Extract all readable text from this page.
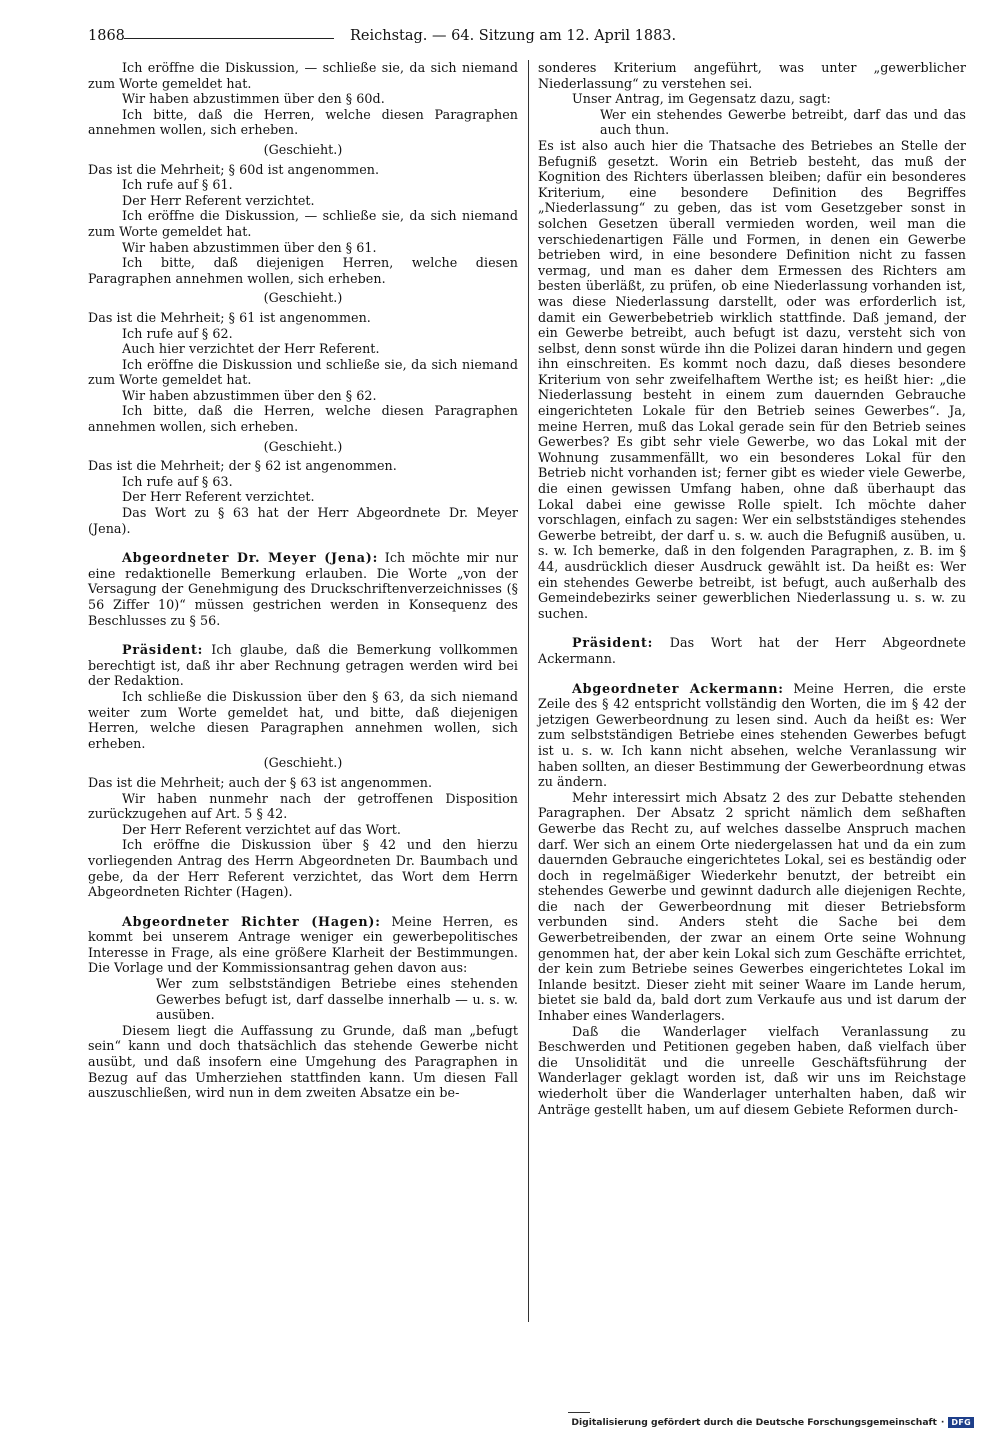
1868	Reichstag. — 64. Sitzung am 12. April 1883.

Ich eröffne die Diskussion, — schließe sie, da sich niemand zum Worte gemeldet hat.

Wir haben abzustimmen über den § 60d.

Ich bitte, daß die Herren, welche diesen Paragraphen annehmen wollen, sich erheben.

(Geschieht.)

Das ist die Mehrheit; § 60d ist angenommen.

Ich rufe auf § 61.

Der Herr Referent verzichtet.

Ich eröffne die Diskussion, — schließe sie, da sich niemand zum Worte gemeldet hat.

Wir haben abzustimmen über den § 61.

Ich bitte, daß diejenigen Herren, welche diesen Paragraphen annehmen wollen, sich erheben.

(Geschieht.)

Das ist die Mehrheit; § 61 ist angenommen.

Ich rufe auf § 62.

Auch hier verzichtet der Herr Referent.

Ich eröffne die Diskussion und schließe sie, da sich niemand zum Worte gemeldet hat.

Wir haben abzustimmen über den § 62.

Ich bitte, daß die Herren, welche diesen Paragraphen annehmen wollen, sich erheben.

(Geschieht.)

Das ist die Mehrheit; der § 62 ist angenommen.

Ich rufe auf § 63.

Der Herr Referent verzichtet.

Das Wort zu § 63 hat der Herr Abgeordnete Dr. Meyer (Jena).

Abgeordneter Dr. Meyer (Jena): Ich möchte mir nur eine redaktionelle Bemerkung erlauben. Die Worte „von der Versagung der Genehmigung des Druckschriftenverzeichnisses (§ 56 Ziffer 10)“ müssen gestrichen werden in Konsequenz des Beschlusses zu § 56.

Präsident: Ich glaube, daß die Bemerkung vollkommen berechtigt ist, daß ihr aber Rechnung getragen werden wird bei der Redaktion.

Ich schließe die Diskussion über den § 63, da sich niemand weiter zum Worte gemeldet hat, und bitte, daß diejenigen Herren, welche diesen Paragraphen annehmen wollen, sich erheben.

(Geschieht.)

Das ist die Mehrheit; auch der § 63 ist angenommen.

Wir haben nunmehr nach der getroffenen Disposition zurückzugehen auf Art. 5 § 42.

Der Herr Referent verzichtet auf das Wort.

Ich eröffne die Diskussion über § 42 und den hierzu vorliegenden Antrag des Herrn Abgeordneten Dr. Baumbach und gebe, da der Herr Referent verzichtet, das Wort dem Herrn Abgeordneten Richter (Hagen).

Abgeordneter Richter (Hagen): Meine Herren, es kommt bei unserem Antrage weniger ein gewerbepolitisches Interesse in Frage, als eine größere Klarheit der Bestimmungen. Die Vorlage und der Kommissionsantrag gehen davon aus:

Wer zum selbstständigen Betriebe eines stehenden Gewerbes befugt ist, darf dasselbe innerhalb — u. s. w. ausüben.

Diesem liegt die Auffassung zu Grunde, daß man „befugt sein“ kann und doch thatsächlich das stehende Gewerbe nicht ausübt, und daß insofern eine Umgehung des Paragraphen in Bezug auf das Umherziehen stattfinden kann. Um diesen Fall auszuschließen, wird nun in dem zweiten Absatze ein be-

sonderes Kriterium angeführt, was unter „gewerblicher Niederlassung“ zu verstehen sei.

Unser Antrag, im Gegensatz dazu, sagt:

Wer ein stehendes Gewerbe betreibt, darf das und das auch thun.

Es ist also auch hier die Thatsache des Betriebes an Stelle der Befugniß gesetzt. Worin ein Betrieb besteht, das muß der Kognition des Richters überlassen bleiben; dafür ein besonderes Kriterium, eine besondere Definition des Begriffes „Niederlassung“ zu geben, das ist vom Gesetzgeber sonst in solchen Gesetzen überall vermieden worden, weil man die verschiedenartigen Fälle und Formen, in denen ein Gewerbe betrieben wird, in eine besondere Definition nicht zu fassen vermag, und man es daher dem Ermessen des Richters am besten überläßt, zu prüfen, ob eine Niederlassung vorhanden ist, was diese Niederlassung darstellt, oder was erforderlich ist, damit ein Gewerbebetrieb wirklich stattfinde. Daß jemand, der ein Gewerbe betreibt, auch befugt ist dazu, versteht sich von selbst, denn sonst würde ihn die Polizei daran hindern und gegen ihn einschreiten. Es kommt noch dazu, daß dieses besondere Kriterium von sehr zweifelhaftem Werthe ist; es heißt hier: „die Niederlassung besteht in einem zum dauernden Gebrauche eingerichteten Lokale für den Betrieb seines Gewerbes“. Ja, meine Herren, muß das Lokal gerade sein für den Betrieb seines Gewerbes? Es gibt sehr viele Gewerbe, wo das Lokal mit der Wohnung zusammenfällt, wo ein besonderes Lokal für den Betrieb nicht vorhanden ist; ferner gibt es wieder viele Gewerbe, die einen gewissen Umfang haben, ohne daß überhaupt das Lokal dabei eine gewisse Rolle spielt. Ich möchte daher vorschlagen, einfach zu sagen: Wer ein selbstständiges stehendes Gewerbe betreibt, der darf u. s. w. auch die Befugniß ausüben, u. s. w. Ich bemerke, daß in den folgenden Paragraphen, z. B. im § 44, ausdrücklich dieser Ausdruck gewählt ist. Da heißt es: Wer ein stehendes Gewerbe betreibt, ist befugt, auch außerhalb des Gemeindebezirks seiner gewerblichen Niederlassung u. s. w. zu suchen.

Präsident: Das Wort hat der Herr Abgeordnete Ackermann.

Abgeordneter Ackermann: Meine Herren, die erste Zeile des § 42 entspricht vollständig den Worten, die im § 42 der jetzigen Gewerbeordnung zu lesen sind. Auch da heißt es: Wer zum selbstständigen Betriebe eines stehenden Gewerbes befugt ist u. s. w. Ich kann nicht absehen, welche Veranlassung wir haben sollten, an dieser Bestimmung der Gewerbeordnung etwas zu ändern.

Mehr interessirt mich Absatz 2 des zur Debatte stehenden Paragraphen. Der Absatz 2 spricht nämlich dem seßhaften Gewerbe das Recht zu, auf welches dasselbe Anspruch machen darf. Wer sich an einem Orte niedergelassen hat und da ein zum dauernden Gebrauche eingerichtetes Lokal, sei es beständig oder doch in regelmäßiger Wiederkehr benutzt, der betreibt ein stehendes Gewerbe und gewinnt dadurch alle diejenigen Rechte, die nach der Gewerbeordnung mit dieser Betriebsform verbunden sind. Anders steht die Sache bei dem Gewerbetreibenden, der zwar an einem Orte seine Wohnung genommen hat, der aber kein Lokal sich zum Geschäfte errichtet, der kein zum Betriebe seines Gewerbes eingerichtetes Lokal im Inlande besitzt. Dieser zieht mit seiner Waare im Lande herum, bietet sie bald da, bald dort zum Verkaufe aus und ist darum der Inhaber eines Wanderlagers.

Daß die Wanderlager vielfach Veranlassung zu Beschwerden und Petitionen gegeben haben, daß vielfach über die Unsolidität und die unreelle Geschäftsführung der Wanderlager geklagt worden ist, daß wir uns im Reichstage wiederholt über die Wanderlager unterhalten haben, daß wir Anträge gestellt haben, um auf diesem Gebiete Reformen durch-

Digitalisierung gefördert durch die Deutsche Forschungsgemeinschaft · DFG
